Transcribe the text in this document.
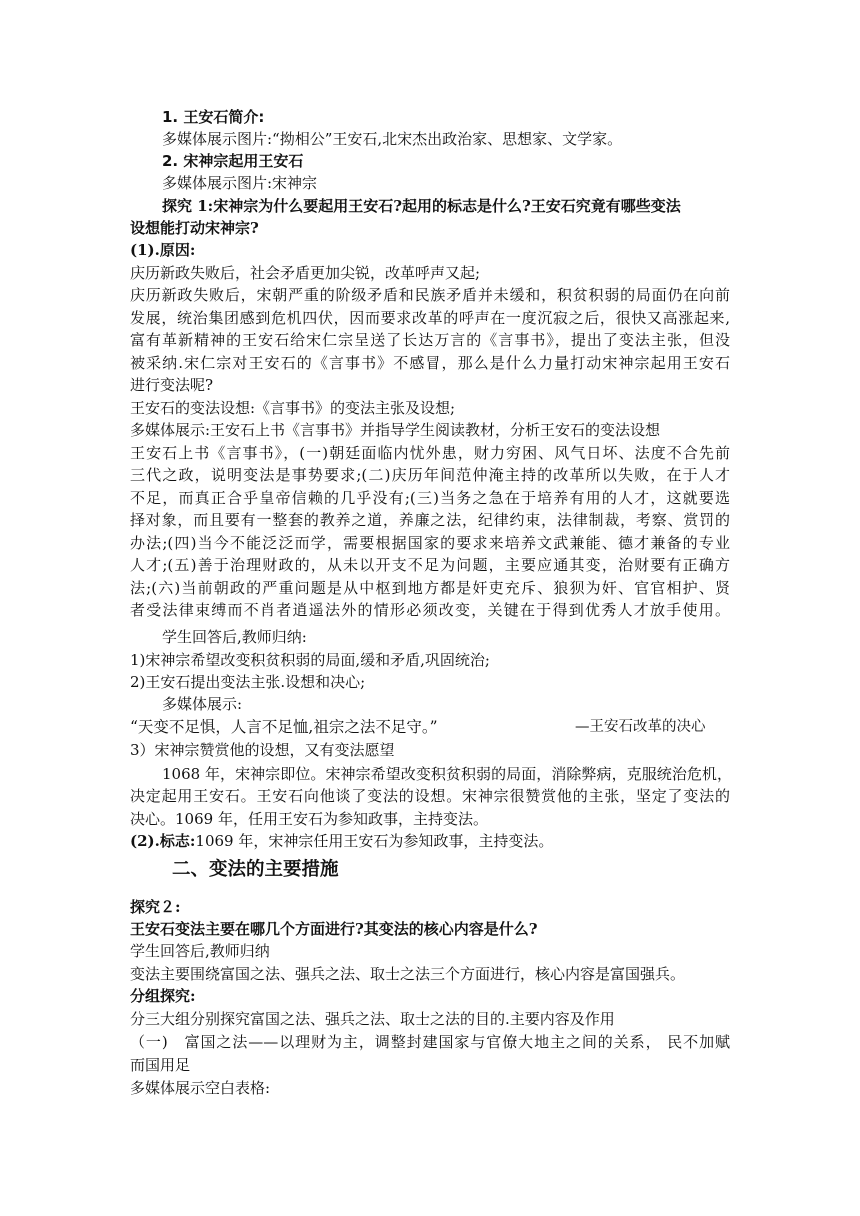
1. 王安石简介:
多媒体展示图片:“拗相公”王安石,北宋杰出政治家、思想家、文学家。
2. 宋神宗起用王安石
多媒体展示图片:宋神宗
探究 1:宋神宗为什么要起用王安石?起用的标志是什么?王安石究竟有哪些变法
设想能打动宋神宗?
(1).原因:
庆历新政失败后，社会矛盾更加尖锐，改革呼声又起;
庆历新政失败后，宋朝严重的阶级矛盾和民族矛盾并未缓和，积贫积弱的局面仍在向前
发展，统治集团感到危机四伏，因而要求改革的呼声在一度沉寂之后，很快又高涨起来,
富有革新精神的王安石给宋仁宗呈送了长达万言的《言事书》，提出了变法主张，但没
被采纳.宋仁宗对王安石的《言事书》不感冒，那么是什么力量打动宋神宗起用王安石
进行变法呢?
王安石的变法设想:《言事书》的变法主张及设想;
多媒体展示:王安石上书《言事书》并指导学生阅读教材，分析王安石的变法设想
王安石上书《言事书》，(一)朝廷面临内忧外患，财力穷困、风气日坏、法度不合先前
三代之政，说明变法是事势要求;(二)庆历年间范仲淹主持的改革所以失败，在于人才
不足，而真正合乎皇帝信赖的几乎没有;(三)当务之急在于培养有用的人才，这就要选
择对象，而且要有一整套的教养之道，养廉之法，纪律约束，法律制裁，考察、赏罚的
办法;(四)当今不能泛泛而学，需要根据国家的要求来培养文武兼能、德才兼备的专业
人才;(五)善于治理财政的，从未以开支不足为问题，主要应通其变，治财要有正确方
法;(六)当前朝政的严重问题是从中枢到地方都是奸吏充斥、狼狈为奸、官官相护、贤
者受法律束缚而不肖者逍遥法外的情形必须改变，关键在于得到优秀人才放手使用。
学生回答后,教师归纳:
1)宋神宗希望改变积贫积弱的局面,缓和矛盾,巩固统治;
2)王安石提出变法主张.设想和决心;
多媒体展示:
“天变不足惧，人言不足恤,祖宗之法不足守。”	—王安石改革的决心
3）宋神宗赞赏他的设想，又有变法愿望
1068 年，宋神宗即位。宋神宗希望改变积贫积弱的局面，消除弊病，克服统治危机，
决定起用王安石。王安石向他谈了变法的设想。宋神宗很赞赏他的主张，坚定了变法的
决心。1069 年，任用王安石为参知政事，主持变法。
(2).标志:1069 年，宋神宗任用王安石为参知政事，主持变法。
二、变法的主要措施
探究２:
王安石变法主要在哪几个方面进行?其变法的核心内容是什么?
学生回答后,教师归纳
变法主要围绕富国之法、强兵之法、取士之法三个方面进行，核心内容是富国强兵。
分组探究:
分三大组分别探究富国之法、强兵之法、取士之法的目的.主要内容及作用
（一)　富国之法——以理财为主，调整封建国家与官僚大地主之间的关系， 民不加赋
而国用足
多媒体展示空白表格:
